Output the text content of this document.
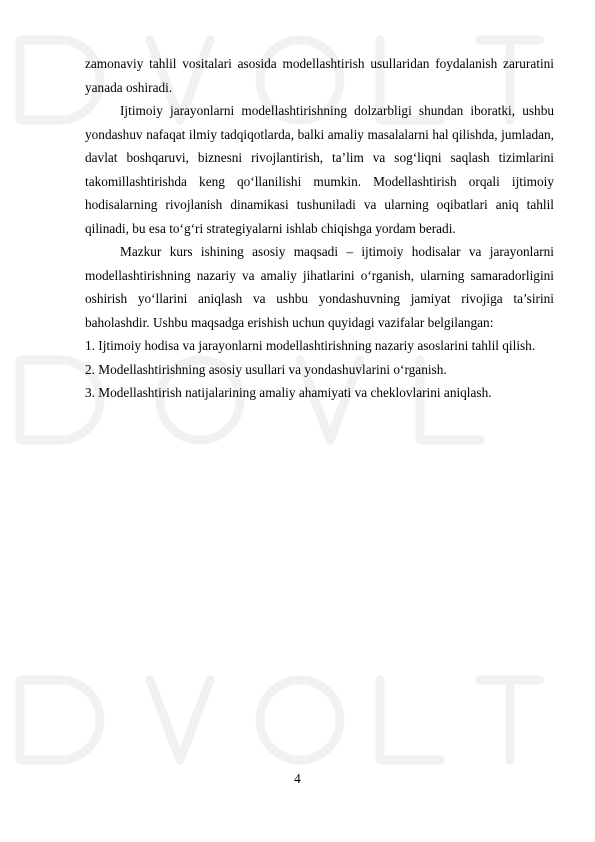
zamonaviy tahlil vositalari asosida modellashtirish usullaridan foydalanish zaruratini yanada oshiradi.

Ijtimoiy jarayonlarni modellashtirishning dolzarbligi shundan iboratki, ushbu yondashuv nafaqat ilmiy tadqiqotlarda, balki amaliy masalalarni hal qilishda, jumladan, davlat boshqaruvi, biznesni rivojlantirish, ta’lim va sog‘liqni saqlash tizimlarini takomillashtirishda keng qo‘llanilishi mumkin. Modellashtirish orqali ijtimoiy hodisalarning rivojlanish dinamikasi tushuniladi va ularning oqibatlari aniq tahlil qilinadi, bu esa to‘g‘ri strategiyalarni ishlab chiqishga yordam beradi.

Mazkur kurs ishining asosiy maqsadi – ijtimoiy hodisalar va jarayonlarni modellashtirishning nazariy va amaliy jihatlarini o‘rganish, ularning samaradorligini oshirish yo‘llarini aniqlash va ushbu yondashuvning jamiyat rivojiga ta’sirini baholashdir. Ushbu maqsadga erishish uchun quyidagi vazifalar belgilangan:

1. Ijtimoiy hodisa va jarayonlarni modellashtirishning nazariy asoslarini tahlil qilish.

2. Modellashtirishning asosiy usullari va yondashuvlarini o‘rganish.

3. Modellashtirish natijalarining amaliy ahamiyati va cheklovlarini aniqlash.

4
